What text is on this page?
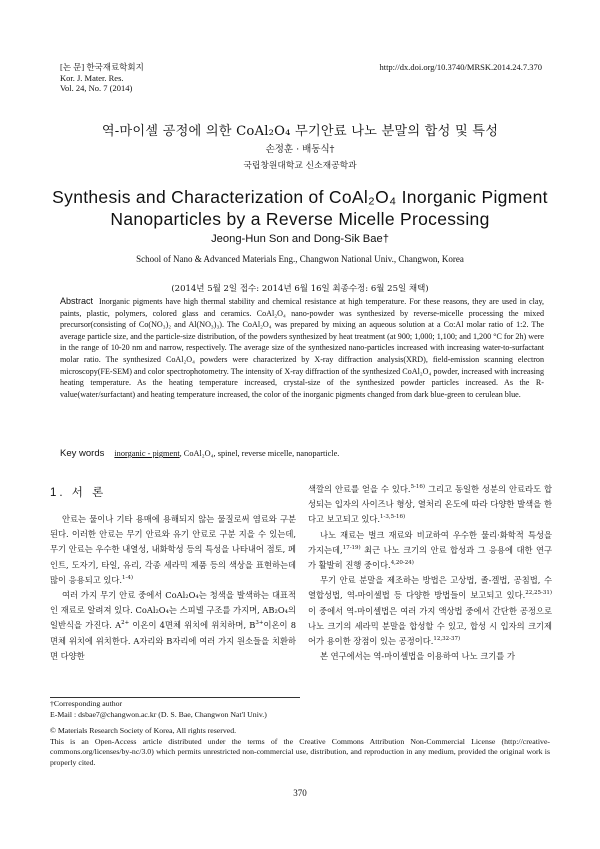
[논 문] 한국재료학회지
Kor. J. Mater. Res.
Vol. 24, No. 7 (2014)
http://dx.doi.org/10.3740/MRSK.2014.24.7.370
역-마이셀 공정에 의한 CoAl₂O₄ 무기안료 나노 분말의 합성 및 특성
손정훈 · 배동식†
국립창원대학교 신소재공학과
Synthesis and Characterization of CoAl₂O₄ Inorganic Pigment
Nanoparticles by a Reverse Micelle Processing
Jeong-Hun Son and Dong-Sik Bae†
School of Nano & Advanced Materials Eng., Changwon National Univ., Changwon, Korea
(2014년 5월 2일 접수: 2014년 6월 16일 최종수정: 6월 25일 채택)
Abstract Inorganic pigments have high thermal stability and chemical resistance at high temperature. For these reasons, they are used in clay, paints, plastic, polymers, colored glass and ceramics. CoAl₂O₄ nano-powder was synthesized by reverse-micelle processing the mixed precursor(consisting of Co(NO₃)₂ and Al(NO₃)₃). The CoAl₂O₄ was prepared by mixing an aqueous solution at a Co:Al molar ratio of 1:2. The average particle size, and the particle-size distribution, of the powders synthesized by heat treatment (at 900; 1,000; 1,100; and 1,200 °C for 2h) were in the range of 10-20 nm and narrow, respectively. The average size of the synthesized nano-particles increased with increasing water-to-surfactant molar ratio. The synthesized CoAl₂O₄ powders were characterized by X-ray diffraction analysis(XRD), field-emission scanning electron microscopy(FE-SEM) and color spectrophotometry. The intensity of X-ray diffraction of the synthesized CoAl₂O₄ powder, increased with increasing heating temperature. As the heating temperature increased, crystal-size of the synthesized powder particles increased. As the R-value(water/surfactant) and heating temperature increased, the color of the inorganic pigments changed from dark blue-green to cerulean blue.
Key words inorganic - pigment, CoAl₂O₄, spinel, reverse micelle, nanoparticle.
1. 서 론

안료는 물이나 기타 용매에 용해되지 않는 물질로써 염료와 구분된다. 이러한 안료는 무기 안료와 유기 안료로 구분 지을 수 있는데, 무기 안료는 우수한 내열성, 내화학성 등의 특성을 나타내어 점토, 페인트, 도자기, 타일, 유리, 각종 세라믹 제품 등의 색상을 표현하는데 많이 응용되고 있다.$^{1-4)}$

여러 가지 무기 안료 중에서 CoAl₂O₄는 청색을 발색하는 대표적인 재료로 알려져 있다. CoAl₂O₄는 스피넬 구조를 가지며, AB₂O₄의 일반식을 가진다. $A^{2+}$ 이온이 4면체 위치에 위치하며, $B^{3+}$이온이 8면체 위치에 위치한다. A자리와 B자리에 여러 가지 원소들을 치환하면 다양한

색깔의 안료를 얻을 수 있다.$^{5-16)}$ 그리고 동일한 성분의 안료라도 합성되는 입자의 사이즈나 형상, 열처리 온도에 따라 다양한 발색을 한다고 보고되고 있다.$^{1-3,5-16)}$

나노 재료는 벌크 재료와 비교하여 우수한 물리·화학적 특성을 가지는데,$^{17-19)}$ 최근 나노 크기의 안료 합성과 그 응용에 대한 연구가 활발히 진행 중이다.$^{4,20-24)}$

무기 안료 분말을 제조하는 방법은 고상법, 졸-겔법, 공침법, 수열합성법, 역-마이셀법 등 다양한 방법들이 보고되고 있다.$^{22,25-31)}$ 이 중에서 역-마이셀법은 여러 가지 액상법 중에서 간단한 공정으로 나노 크기의 세라믹 분말을 합성할 수 있고, 합성 시 입자의 크기제어가 용이한 장점이 있는 공정이다.$^{12,32-37)}$

본 연구에서는 역-마이셀법을 이용하여 나노 크기를 가

†Corresponding author
E-Mail : dsbae7@changwon.ac.kr (D. S. Bae, Changwon Nat'l Univ.)
© Materials Research Society of Korea, All rights reserved.
This is an Open-Access article distributed under the terms of the Creative Commons Attribution Non-Commercial License (http://creative-commons.org/licenses/by-nc/3.0) which permits unrestricted non-commercial use, distribution, and reproduction in any medium, provided the original work is properly cited.
370
